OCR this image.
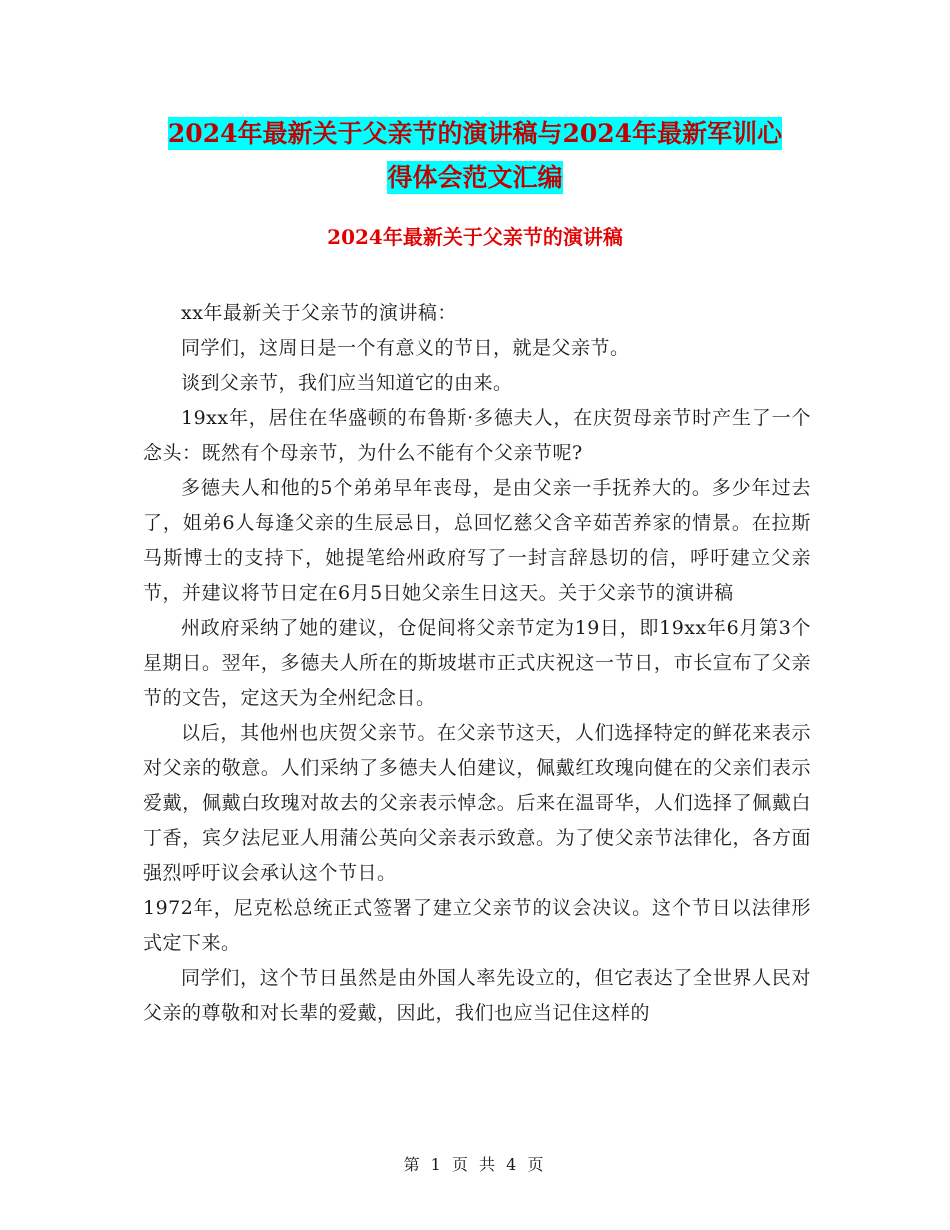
2024年最新关于父亲节的演讲稿与2024年最新军训心
得体会范文汇编
2024年最新关于父亲节的演讲稿

xx年最新关于父亲节的演讲稿：

同学们，这周日是一个有意义的节日，就是父亲节。

谈到父亲节，我们应当知道它的由来。

19xx年，居住在华盛顿的布鲁斯·多德夫人，在庆贺母亲节时产生了一个念头：既然有个母亲节，为什么不能有个父亲节呢?

多德夫人和他的5个弟弟早年丧母，是由父亲一手抚养大的。多少年过去了，姐弟6人每逢父亲的生辰忌日，总回忆慈父含辛茹苦养家的情景。在拉斯马斯博士的支持下，她提笔给州政府写了一封言辞恳切的信，呼吁建立父亲节，并建议将节日定在6月5日她父亲生日这天。关于父亲节的演讲稿

州政府采纳了她的建议，仓促间将父亲节定为19日，即19xx年6月第3个星期日。翌年，多德夫人所在的斯坡堪市正式庆祝这一节日，市长宣布了父亲节的文告，定这天为全州纪念日。

以后，其他州也庆贺父亲节。在父亲节这天，人们选择特定的鲜花来表示对父亲的敬意。人们采纳了多德夫人伯建议，佩戴红玫瑰向健在的父亲们表示爱戴，佩戴白玫瑰对故去的父亲表示悼念。后来在温哥华，人们选择了佩戴白丁香，宾夕法尼亚人用蒲公英向父亲表示致意。为了使父亲节法律化，各方面强烈呼吁议会承认这个节日。

1972年，尼克松总统正式签署了建立父亲节的议会决议。这个节日以法律形式定下来。

同学们，这个节日虽然是由外国人率先设立的，但它表达了全世界人民对父亲的尊敬和对长辈的爱戴，因此，我们也应当记住这样的

第 1 页 共 4 页
